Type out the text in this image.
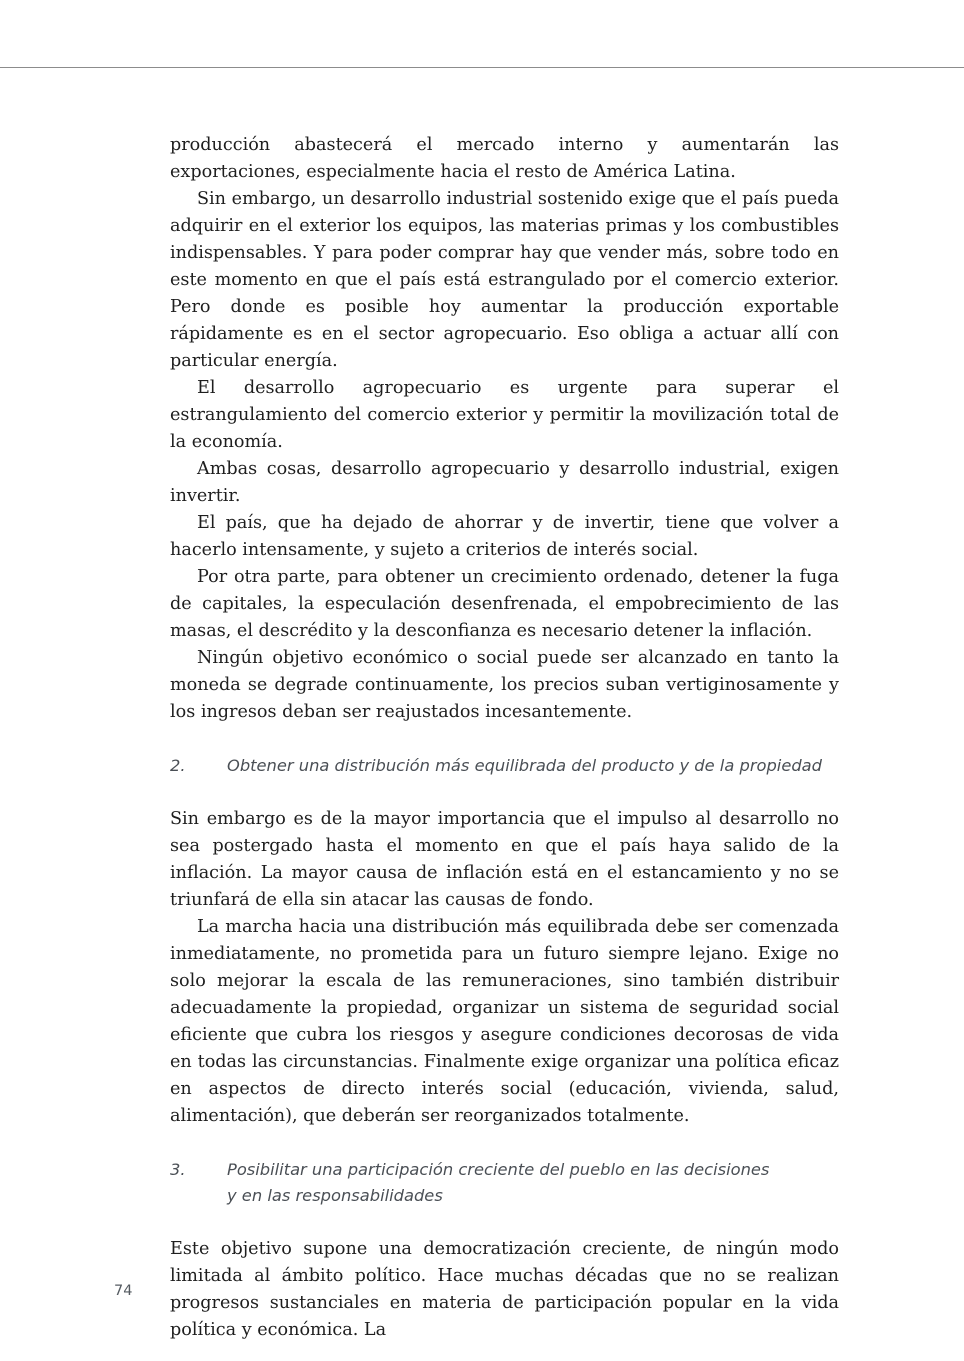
producción abastecerá el mercado interno y aumentarán las exportaciones, especialmente hacia el resto de América Latina.

Sin embargo, un desarrollo industrial sostenido exige que el país pueda adquirir en el exterior los equipos, las materias primas y los combustibles indispensables. Y para poder comprar hay que vender más, sobre todo en este momento en que el país está estrangulado por el comercio exterior. Pero donde es posible hoy aumentar la producción exportable rápidamente es en el sector agropecuario. Eso obliga a actuar allí con particular energía.

El desarrollo agropecuario es urgente para superar el estrangulamiento del comercio exterior y permitir la movilización total de la economía.

Ambas cosas, desarrollo agropecuario y desarrollo industrial, exigen invertir.

El país, que ha dejado de ahorrar y de invertir, tiene que volver a hacerlo intensamente, y sujeto a criterios de interés social.

Por otra parte, para obtener un crecimiento ordenado, detener la fuga de capitales, la especulación desenfrenada, el empobrecimiento de las masas, el descrédito y la desconfianza es necesario detener la inflación.

Ningún objetivo económico o social puede ser alcanzado en tanto la moneda se degrade continuamente, los precios suban vertiginosamente y los ingresos deban ser reajustados incesantemente.

2.	Obtener una distribución más equilibrada del producto y de la propiedad

Sin embargo es de la mayor importancia que el impulso al desarrollo no sea postergado hasta el momento en que el país haya salido de la inflación. La mayor causa de inflación está en el estancamiento y no se triunfará de ella sin atacar las causas de fondo.

La marcha hacia una distribución más equilibrada debe ser comenzada inmediatamente, no prometida para un futuro siempre lejano. Exige no solo mejorar la escala de las remuneraciones, sino también distribuir adecuadamente la propiedad, organizar un sistema de seguridad social eficiente que cubra los riesgos y asegure condiciones decorosas de vida en todas las circunstancias. Finalmente exige organizar una política eficaz en aspectos de directo interés social (educación, vivienda, salud, alimentación), que deberán ser reorganizados totalmente.

3.	Posibilitar una participación creciente del pueblo en las decisiones
y en las responsabilidades

Este objetivo supone una democratización creciente, de ningún modo limitada al ámbito político. Hace muchas décadas que no se realizan progresos sustanciales en materia de participación popular en la vida política y económica. La

74
